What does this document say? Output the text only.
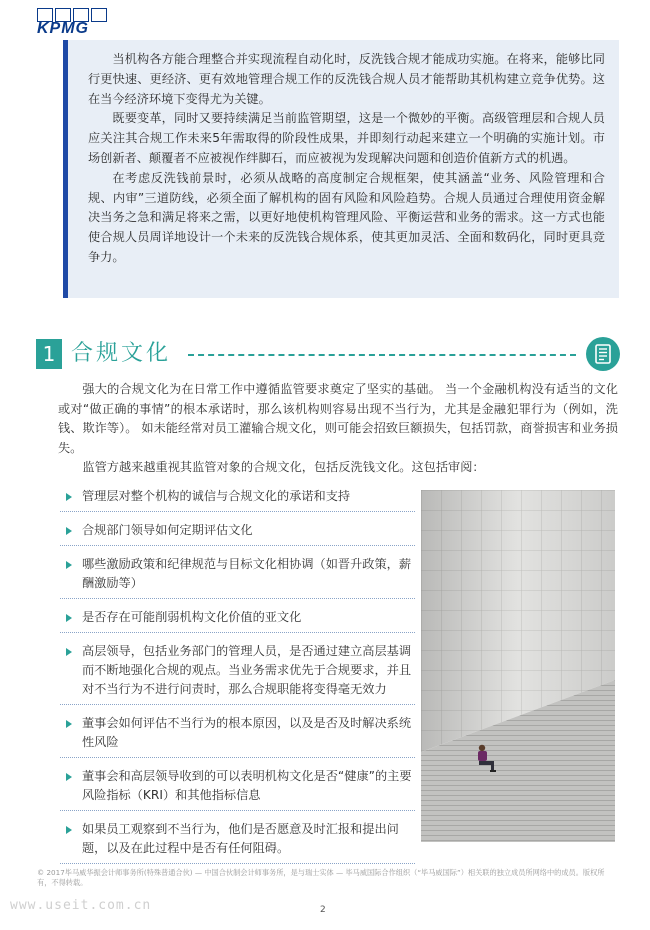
KPMG

当机构各方能合理整合并实现流程自动化时，反洗钱合规才能成功实施。在将来，能够比同行更快速、更经济、更有效地管理合规工作的反洗钱合规人员才能帮助其机构建立竞争优势。这在当今经济环境下变得尤为关键。

既要变革，同时又要持续满足当前监管期望，这是一个微妙的平衡。高级管理层和合规人员应关注其合规工作未来5年需取得的阶段性成果，并即刻行动起来建立一个明确的实施计划。市场创新者、颠覆者不应被视作绊脚石，而应被视为发现解决问题和创造价值新方式的机遇。

在考虑反洗钱前景时，必须从战略的高度制定合规框架，使其涵盖“业务、风险管理和合规、内审”三道防线，必须全面了解机构的固有风险和风险趋势。合规人员通过合理使用资金解决当务之急和满足将来之需，以更好地使机构管理风险、平衡运营和业务的需求。这一方式也能使合规人员周详地设计一个未来的反洗钱合规体系，使其更加灵活、全面和数码化，同时更具竞争力。

1 合规文化

强大的合规文化为在日常工作中遵循监管要求奠定了坚实的基础。 当一个金融机构没有适当的文化或对“做正确的事情”的根本承诺时，那么该机构则容易出现不当行为，尤其是金融犯罪行为（例如，洗钱、欺诈等）。 如未能经常对员工灌输合规文化，则可能会招致巨额损失，包括罚款，商誉损害和业务损失。

监管方越来越重视其监管对象的合规文化，包括反洗钱文化。这包括审阅：

管理层对整个机构的诚信与合规文化的承诺和支持
合规部门领导如何定期评估文化
哪些激励政策和纪律规范与目标文化相协调（如晋升政策，薪酬激励等）
是否存在可能削弱机构文化价值的亚文化
高层领导，包括业务部门的管理人员，是否通过建立高层基调而不断地强化合规的观点。当业务需求优先于合规要求，并且对不当行为不进行问责时，那么合规职能将变得毫无效力
董事会如何评估不当行为的根本原因，以及是否及时解决系统性风险
董事会和高层领导收到的可以表明机构文化是否“健康”的主要风险指标（KRI）和其他指标信息
如果员工观察到不当行为，他们是否愿意及时汇报和提出问题，以及在此过程中是否有任何阻碍。
© 2017毕马威华振会计师事务所(特殊普通合伙) — 中国合伙制会计师事务所，是与瑞士实体 — 毕马威国际合作组织（“毕马威国际”）相关联的独立成员所网络中的成员。版权所有，不得转载。
www.useit.com.cn	2
